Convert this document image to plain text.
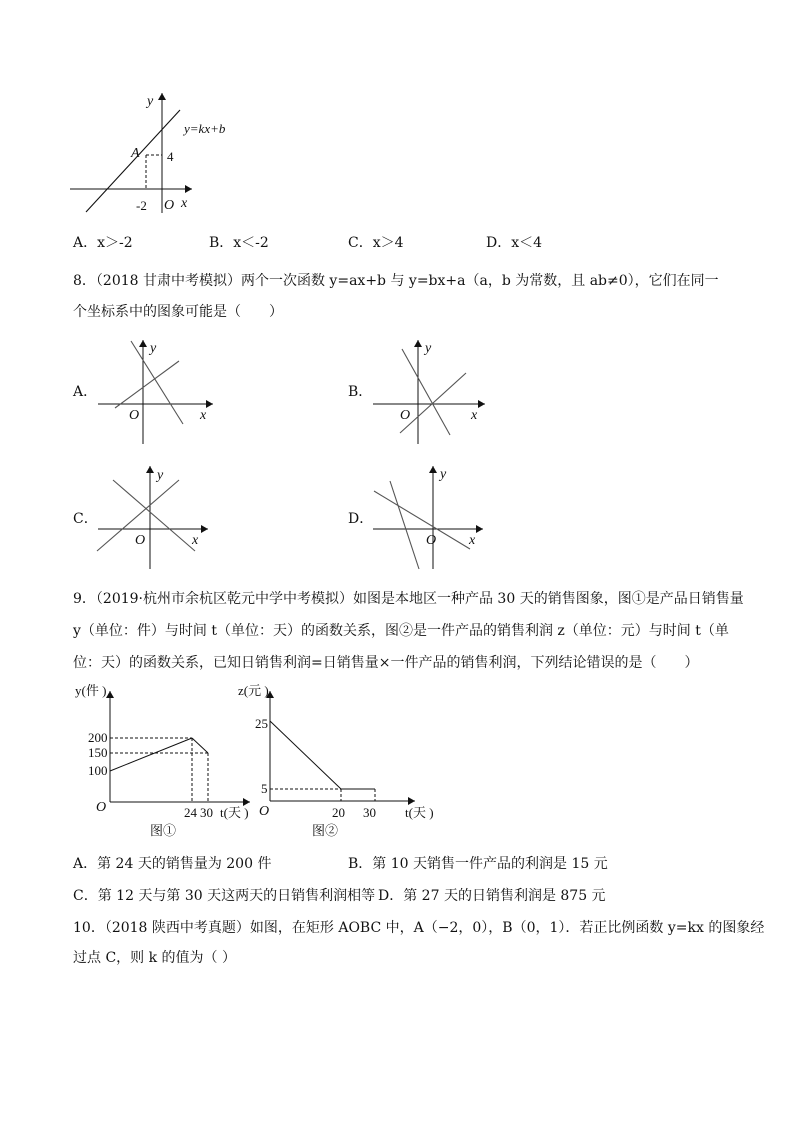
y
y=kx+b
A 4
x
O
-2
A．x＞-2	B．x＜-2	C．x＞4	D．x＜4
8．（2018 甘肃中考模拟）两个一次函数 y=ax+b 与 y=bx+a（a，b 为常数，且 ab≠0），它们在同一
个坐标系中的图象可能是（　　）
A．
y
x
O
B．
y
x
O
C．
y
x
O
D．
y
x
O
9．（2019·杭州市余杭区乾元中学中考模拟）如图是本地区一种产品 30 天的销售图象，图①是产品日销售量
y（单位：件）与时间 t（单位：天）的函数关系，图②是一件产品的销售利润 z（单位：元）与时间 t（单
位：天）的函数关系，已知日销售利润=日销售量×一件产品的销售利润，下列结论错误的是（　　）
y(件 )
200
150
100
O	24 30 t(天 )
图①
z(元 )
25
5
O	20 30 t(天 )
图②
A．第 24 天的销售量为 200 件	B．第 10 天销售一件产品的利润是 15 元
C．第 12 天与第 30 天这两天的日销售利润相等 D．第 27 天的日销售利润是 875 元
10．（2018 陕西中考真题）如图，在矩形 AOBC 中，A（−2，0），B（0，1）．若正比例函数 y=kx 的图象经
过点 C，则 k 的值为（ ）
